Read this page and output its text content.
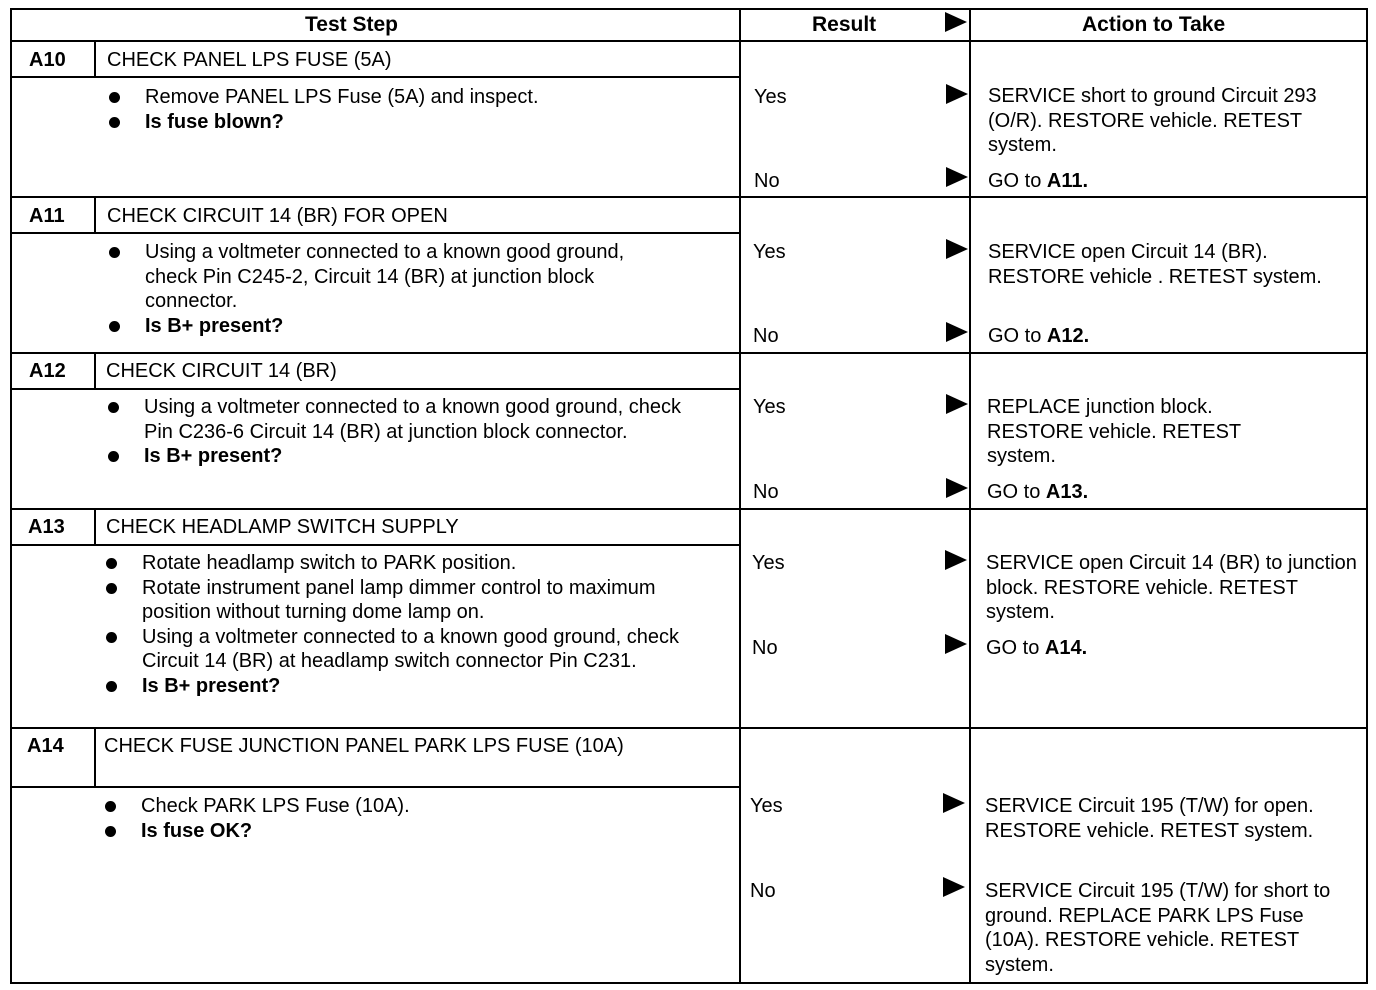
Test Step	Result	Action to Take
A10 CHECK PANEL LPS FUSE (5A)
Remove PANEL LPS Fuse (5A) and inspect.
Is fuse blown?
Yes	SERVICE short to ground Circuit 293 (O/R). RESTORE vehicle. RETEST system.
No	GO to A11.
A11 CHECK CIRCUIT 14 (BR) FOR OPEN
Using a voltmeter connected to a known good ground, check Pin C245-2, Circuit 14 (BR) at junction block connector.
Is B+ present?
Yes	SERVICE open Circuit 14 (BR). RESTORE vehicle . RETEST system.
No	GO to A12.
A12 CHECK CIRCUIT 14 (BR)
Using a voltmeter connected to a known good ground, check Pin C236-6 Circuit 14 (BR) at junction block connector.
Is B+ present?
Yes	REPLACE junction block. RESTORE vehicle. RETEST system.
No	GO to A13.
A13 CHECK HEADLAMP SWITCH SUPPLY
Rotate headlamp switch to PARK position.
Rotate instrument panel lamp dimmer control to maximum position without turning dome lamp on.
Using a voltmeter connected to a known good ground, check Circuit 14 (BR) at headlamp switch connector Pin C231.
Is B+ present?
Yes	SERVICE open Circuit 14 (BR) to junction block. RESTORE vehicle. RETEST system.
No	GO to A14.
A14 CHECK FUSE JUNCTION PANEL PARK LPS FUSE (10A)
Check PARK LPS Fuse (10A).
Is fuse OK?
Yes	SERVICE Circuit 195 (T/W) for open. RESTORE vehicle. RETEST system.
No	SERVICE Circuit 195 (T/W) for short to ground. REPLACE PARK LPS Fuse (10A). RESTORE vehicle. RETEST system.
